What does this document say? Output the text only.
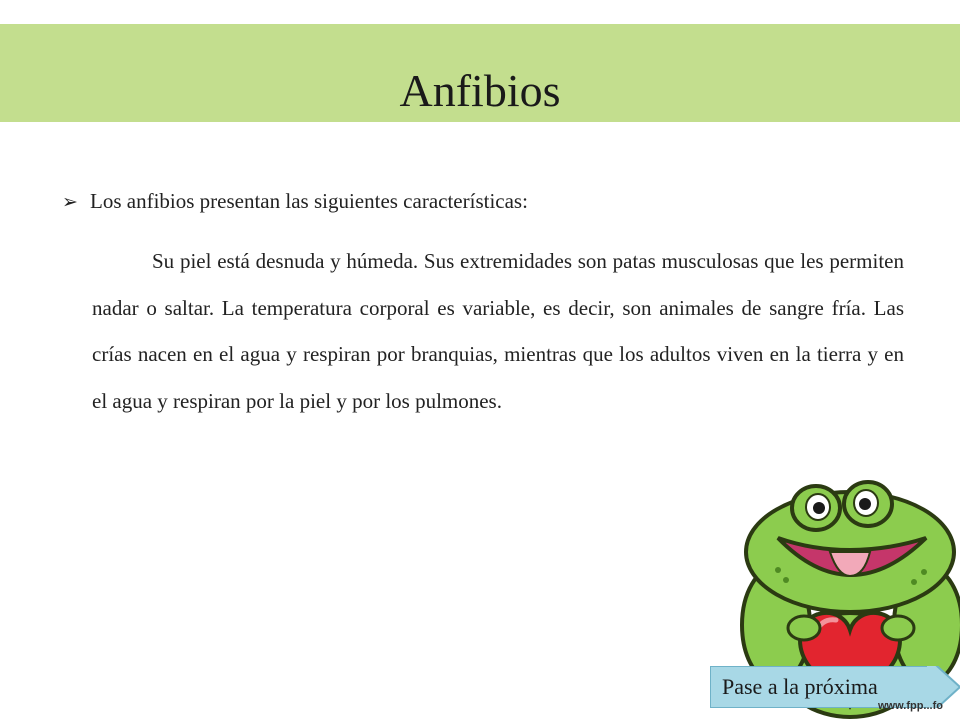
Anfibios
➢ Los anfibios presentan las siguientes características:
Su piel está desnuda y húmeda. Sus extremidades son patas musculosas que les permiten nadar o saltar. La temperatura corporal es variable, es decir, son animales de sangre fría. Las crías nacen en el agua y respiran por branquias, mientras que los adultos viven en la tierra y en el agua y respiran por la piel y por los pulmones.
Pase a la próxima
www.fpp...fo
